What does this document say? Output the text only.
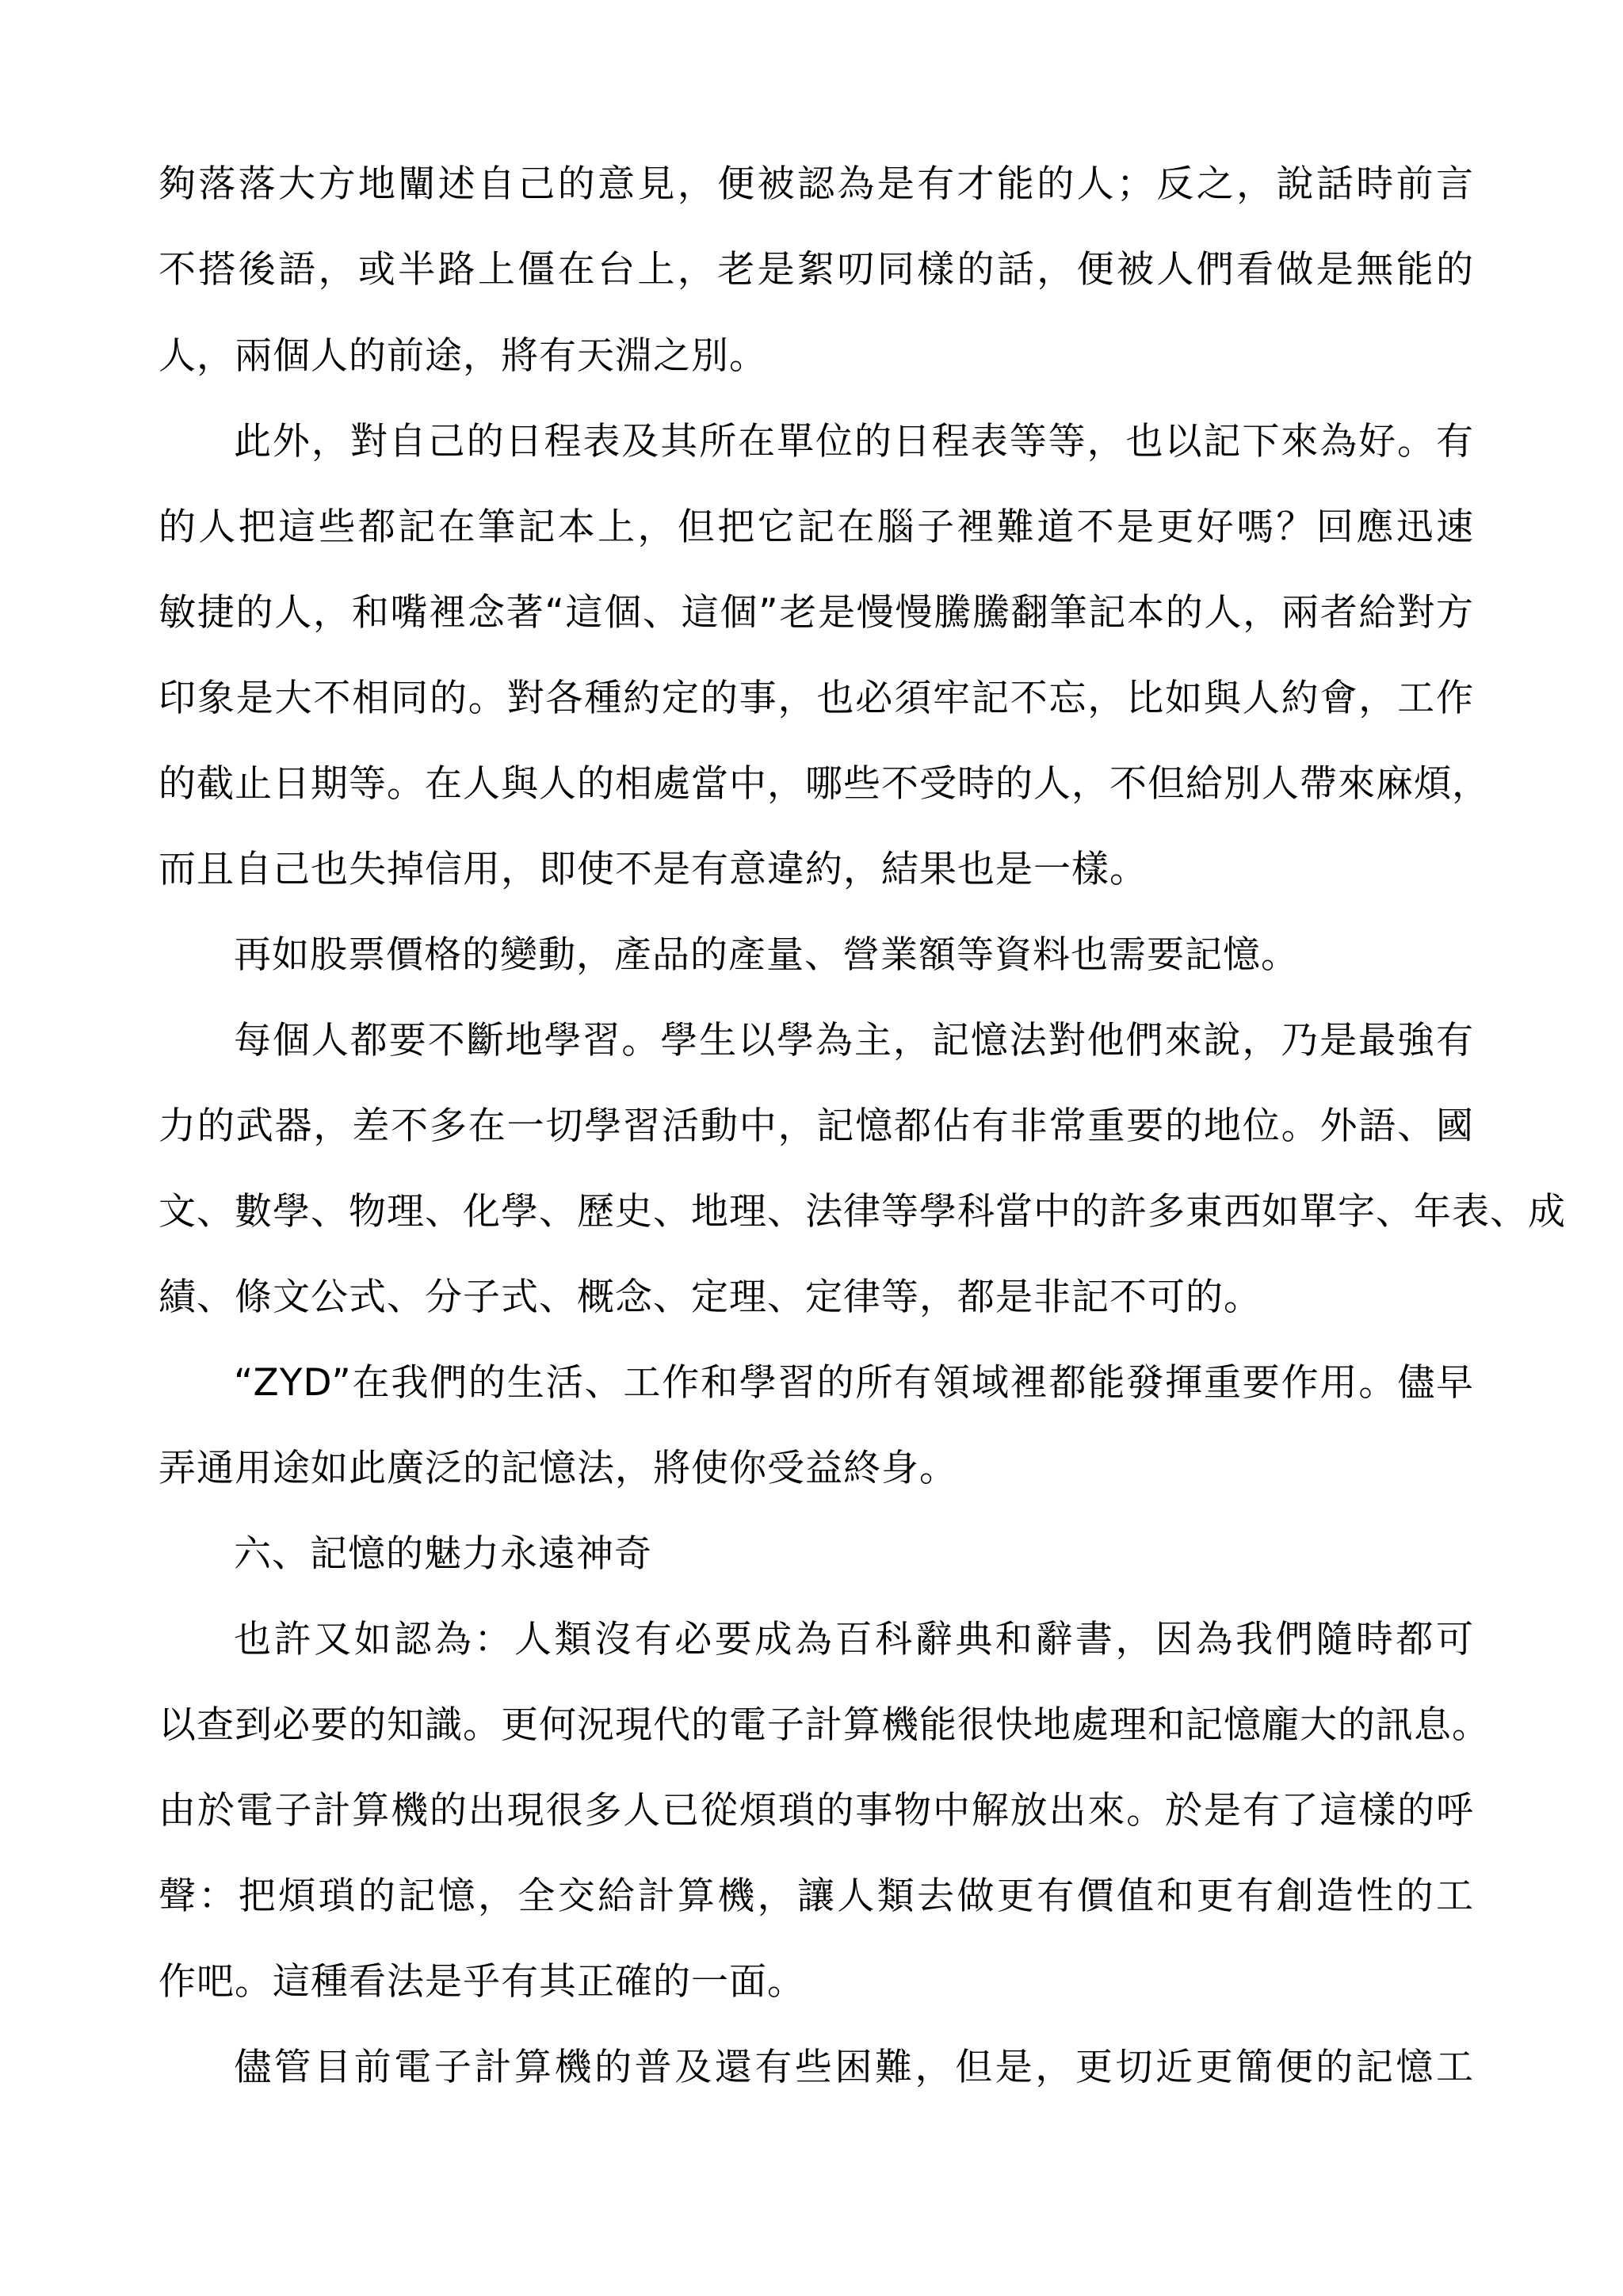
夠落落大方地闡述自己的意見，便被認為是有才能的人；反之，說話時前言
不搭後語，或半路上僵在台上，老是絮叨同樣的話，便被人們看做是無能的
人，兩個人的前途，將有天淵之別。
此外，對自己的日程表及其所在單位的日程表等等，也以記下來為好。有
的人把這些都記在筆記本上，但把它記在腦子裡難道不是更好嗎？回應迅速
敏捷的人，和嘴裡念著“這個、這個”老是慢慢騰騰翻筆記本的人，兩者給對方
印象是大不相同的。對各種約定的事，也必須牢記不忘，比如與人約會，工作
的截止日期等。在人與人的相處當中，哪些不受時的人，不但給別人帶來麻煩，
而且自己也失掉信用，即使不是有意違約，結果也是一樣。
再如股票價格的變動，產品的產量、營業額等資料也需要記憶。
每個人都要不斷地學習。學生以學為主，記憶法對他們來說，乃是最強有
力的武器，差不多在一切學習活動中，記憶都佔有非常重要的地位。外語、國
文、數學、物理、化學、歷史、地理、法律等學科當中的許多東西如單字、年表、成
績、條文公式、分子式、概念、定理、定律等，都是非記不可的。
“ZYD”在我們的生活、工作和學習的所有領域裡都能發揮重要作用。儘早
弄通用途如此廣泛的記憶法，將使你受益終身。
六、記憶的魅力永遠神奇
也許又如認為：人類沒有必要成為百科辭典和辭書，因為我們隨時都可
以查到必要的知識。更何況現代的電子計算機能很快地處理和記憶龐大的訊息。
由於電子計算機的出現很多人已從煩瑣的事物中解放出來。於是有了這樣的呼
聲：把煩瑣的記憶，全交給計算機，讓人類去做更有價值和更有創造性的工
作吧。這種看法是乎有其正確的一面。
儘管目前電子計算機的普及還有些困難，但是，更切近更簡便的記憶工
